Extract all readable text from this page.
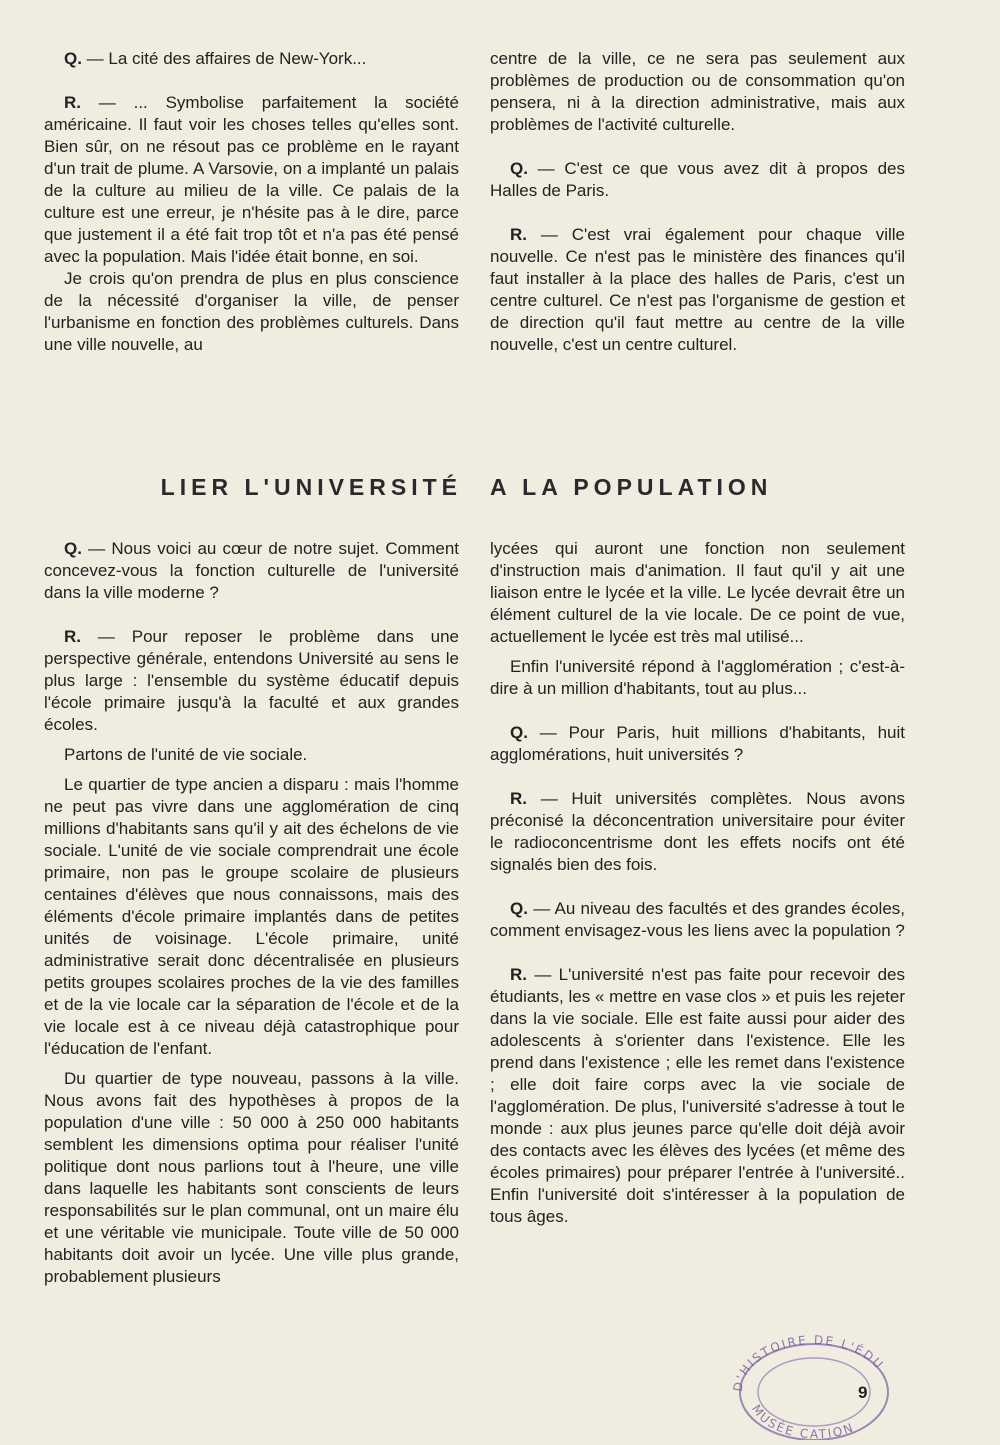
Q. — La cité des affaires de New-York...

R. — ... Symbolise parfaitement la société américaine. Il faut voir les choses telles qu'elles sont. Bien sûr, on ne résout pas ce problème en le rayant d'un trait de plume. A Varsovie, on a implanté un palais de la culture au milieu de la ville. Ce palais de la culture est une erreur, je n'hésite pas à le dire, parce que justement il a été fait trop tôt et n'a pas été pensé avec la population. Mais l'idée était bonne, en soi.

Je crois qu'on prendra de plus en plus conscience de la nécessité d'organiser la ville, de penser l'urbanisme en fonction des problèmes culturels. Dans une ville nouvelle, au

centre de la ville, ce ne sera pas seulement aux problèmes de production ou de consommation qu'on pensera, ni à la direction administrative, mais aux problèmes de l'activité culturelle.

Q. — C'est ce que vous avez dit à propos des Halles de Paris.

R. — C'est vrai également pour chaque ville nouvelle. Ce n'est pas le ministère des finances qu'il faut installer à la place des halles de Paris, c'est un centre culturel. Ce n'est pas l'organisme de gestion et de direction qu'il faut mettre au centre de la ville nouvelle, c'est un centre culturel.

LIER L'UNIVERSITÉ A LA POPULATION

Q. — Nous voici au cœur de notre sujet. Comment concevez-vous la fonction culturelle de l'université dans la ville moderne ?

R. — Pour reposer le problème dans une perspective générale, entendons Université au sens le plus large : l'ensemble du système éducatif depuis l'école primaire jusqu'à la faculté et aux grandes écoles.

Partons de l'unité de vie sociale.

Le quartier de type ancien a disparu : mais l'homme ne peut pas vivre dans une agglomération de cinq millions d'habitants sans qu'il y ait des échelons de vie sociale. L'unité de vie sociale comprendrait une école primaire, non pas le groupe scolaire de plusieurs centaines d'élèves que nous connaissons, mais des éléments d'école primaire implantés dans de petites unités de voisinage. L'école primaire, unité administrative serait donc décentralisée en plusieurs petits groupes scolaires proches de la vie des familles et de la vie locale car la séparation de l'école et de la vie locale est à ce niveau déjà catastrophique pour l'éducation de l'enfant.

Du quartier de type nouveau, passons à la ville. Nous avons fait des hypothèses à propos de la population d'une ville : 50 000 à 250 000 habitants semblent les dimensions optima pour réaliser l'unité politique dont nous parlions tout à l'heure, une ville dans laquelle les habitants sont conscients de leurs responsabilités sur le plan communal, ont un maire élu et une véritable vie municipale. Toute ville de 50 000 habitants doit avoir un lycée. Une ville plus grande, probablement plusieurs

lycées qui auront une fonction non seulement d'instruction mais d'animation. Il faut qu'il y ait une liaison entre le lycée et la ville. Le lycée devrait être un élément culturel de la vie locale. De ce point de vue, actuellement le lycée est très mal utilisé...

Enfin l'université répond à l'agglomération ; c'est-à-dire à un million d'habitants, tout au plus...

Q. — Pour Paris, huit millions d'habitants, huit agglomérations, huit universités ?

R. — Huit universités complètes. Nous avons préconisé la déconcentration universitaire pour éviter le radioconcentrisme dont les effets nocifs ont été signalés bien des fois.

Q. — Au niveau des facultés et des grandes écoles, comment envisagez-vous les liens avec la population ?

R. — L'université n'est pas faite pour recevoir des étudiants, les « mettre en vase clos » et puis les rejeter dans la vie sociale. Elle est faite aussi pour aider des adolescents à s'orienter dans l'existence. Elle les prend dans l'existence ; elle les remet dans l'existence ; elle doit faire corps avec la vie sociale de l'agglomération. De plus, l'université s'adresse à tout le monde : aux plus jeunes parce qu'elle doit déjà avoir des contacts avec les élèves des lycées (et même des écoles primaires) pour préparer l'entrée à l'université.. Enfin l'université doit s'intéresser à la population de tous âges.

D'HISTOIRE DE L'ÉDU
MUSÉE CATION
9
